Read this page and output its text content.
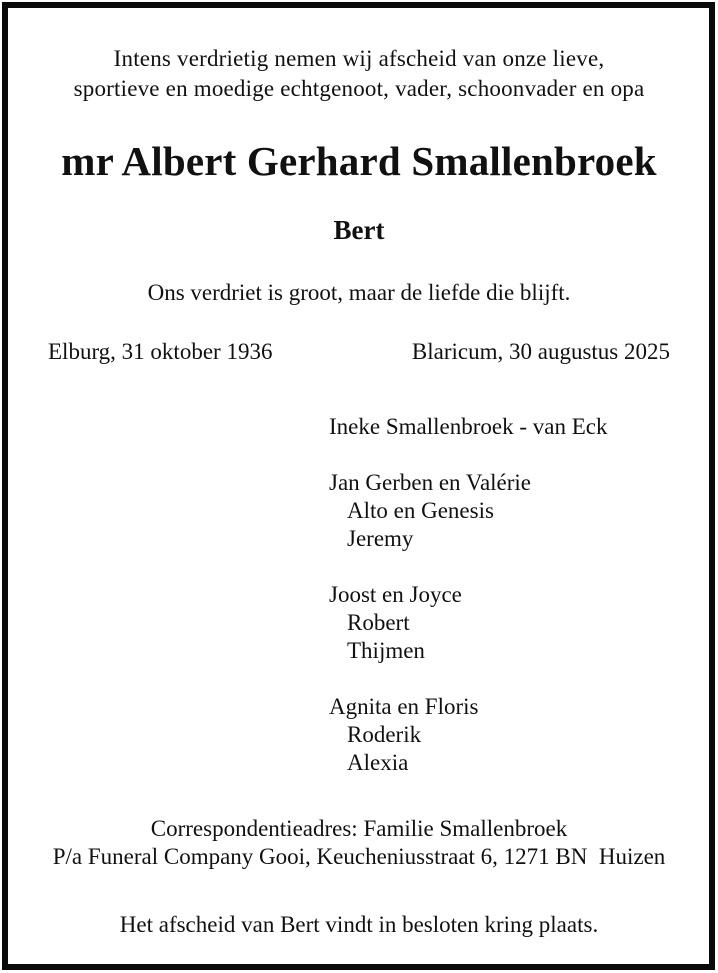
Intens verdrietig nemen wij afscheid van onze lieve,
sportieve en moedige echtgenoot, vader, schoonvader en opa
mr Albert Gerhard Smallenbroek
Bert
Ons verdriet is groot, maar de liefde die blijft.
Elburg, 31 oktober 1936	Blaricum, 30 augustus 2025
Ineke Smallenbroek - van Eck
Jan Gerben en Valérie
Alto en Genesis
Jeremy
Joost en Joyce
Robert
Thijmen
Agnita en Floris
Roderik
Alexia
Correspondentieadres: Familie Smallenbroek
P/a Funeral Company Gooi, Keucheniusstraat 6, 1271 BN  Huizen
Het afscheid van Bert vindt in besloten kring plaats.
